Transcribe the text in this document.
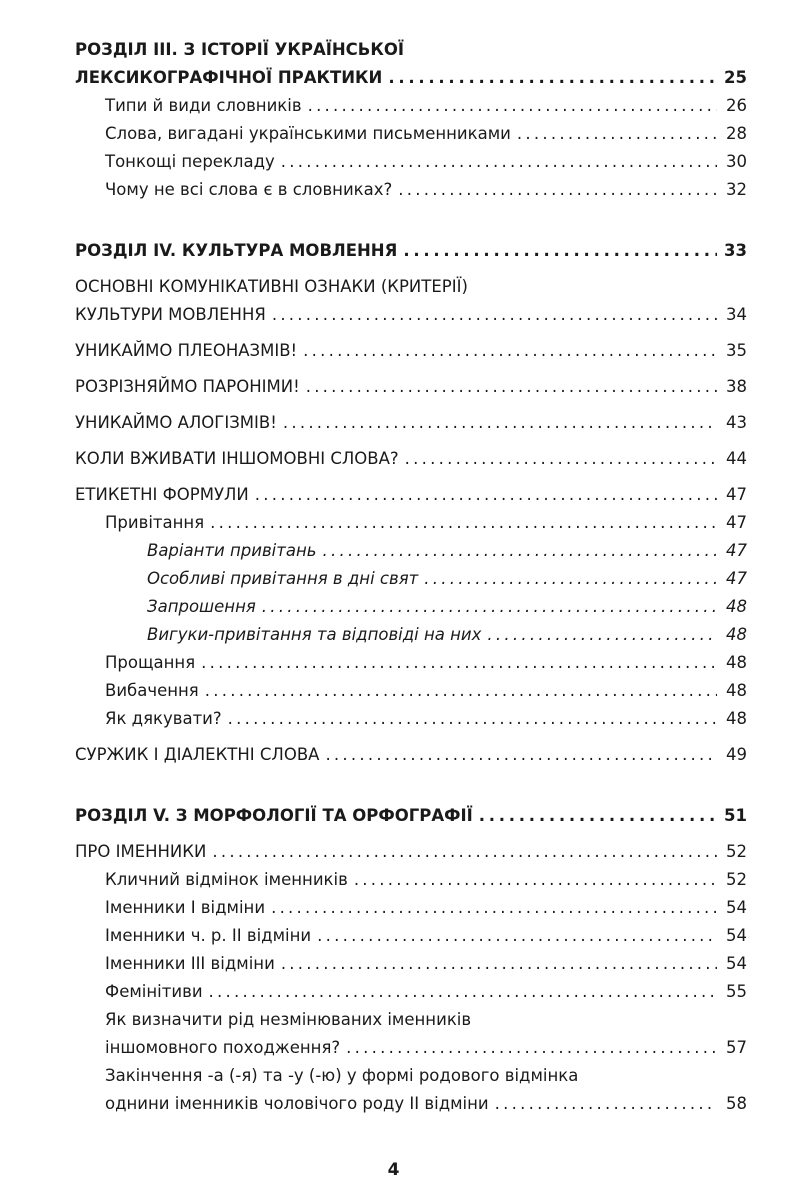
РОЗДІЛ ІІІ. З ІСТОРІЇ УКРАЇНСЬКОЇ
ЛЕКСИКОГРАФІЧНОЇ ПРАКТИКИ . . .	25
Типи й види словників . . .	26
Слова, вигадані українськими письменниками . . .	28
Тонкощі перекладу . . .	30
Чому не всі слова є в словниках? . . .	32
РОЗДІЛ ІV. КУЛЬТУРА МОВЛЕННЯ . . .	33
ОСНОВНІ КОМУНІКАТИВНІ ОЗНАКИ (КРИТЕРІЇ)
КУЛЬТУРИ МОВЛЕННЯ . . .	34
УНИКАЙМО ПЛЕОНАЗМІВ! . . .	35
РОЗРІЗНЯЙМО ПАРОНІМИ! . . .	38
УНИКАЙМО АЛОГІЗМІВ! . . .	43
КОЛИ ВЖИВАТИ ІНШОМОВНІ СЛОВА? . . .	44
ЕТИКЕТНІ ФОРМУЛИ . . .	47
Привітання . . .	47
Варіанти привітань . . .	47
Особливі привітання в дні свят . . .	47
Запрошення . . .	48
Вигуки-привітання та відповіді на них . . .	48
Прощання . . .	48
Вибачення . . .	48
Як дякувати? . . .	48
СУРЖИК І ДІАЛЕКТНІ СЛОВА . . .	49
РОЗДІЛ V. З МОРФОЛОГІЇ ТА ОРФОГРАФІЇ . . .	51
ПРО ІМЕННИКИ . . .	52
Кличний відмінок іменників . . .	52
Іменники І відміни . . .	54
Іменники ч. р. ІІ відміни . . .	54
Іменники ІІІ відміни . . .	54
Фемінітиви . . .	55
Як визначити рід незмінюваних іменників
іншомовного походження? . . .	57
Закінчення -а (-я) та -у (-ю) у формі родового відмінка
однини іменників чоловічого роду ІІ відміни . . .	58
4
